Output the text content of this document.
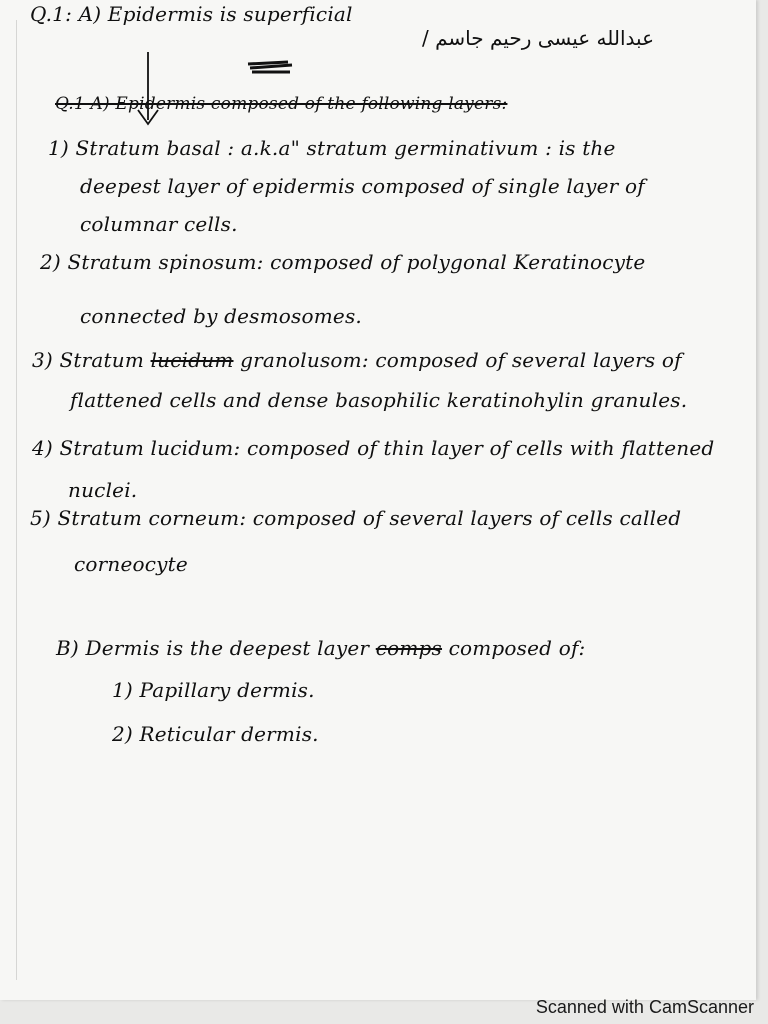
Q.1: A) Epidermis is superficial
عبدالله عيسى رحيم جاسم /
Q.1 A) Epidermis composed of the following layers:
1) Stratum basal : a.k.a" stratum germinativum : is the
deepest layer of epidermis composed of single layer of
columnar cells.
2) Stratum spinosum: composed of polygonal Keratinocyte
connected by desmosomes.
3) Stratum lucidum granolusom: composed of several layers of
flattened cells and dense basophilic keratinohylin granules.
4) Stratum lucidum: composed of thin layer of cells with flattened
nuclei.
5) Stratum corneum: composed of several layers of cells called
corneocyte
B) Dermis is the deepest layer comps composed of:
1) Papillary dermis.
2) Reticular dermis.
Scanned with CamScanner
